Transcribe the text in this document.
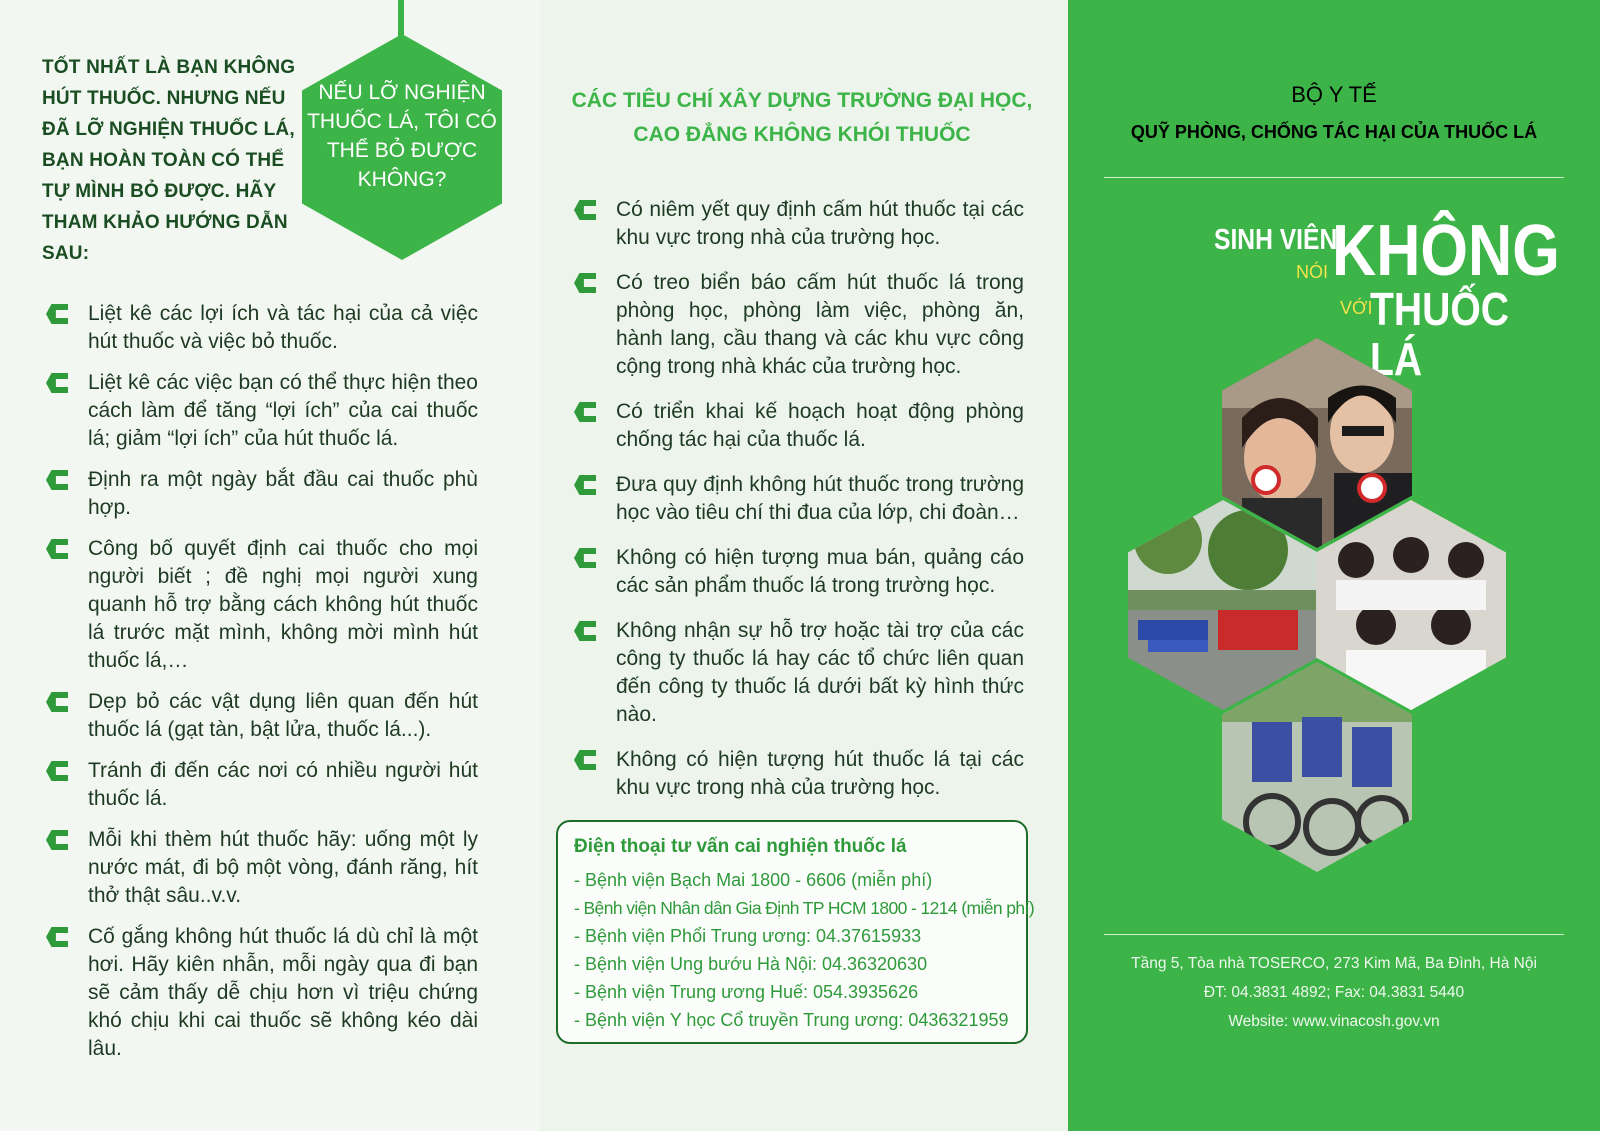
TỐT NHẤT LÀ BẠN KHÔNG HÚT THUỐC. NHƯNG NẾU ĐÃ LỠ NGHIỆN THUỐC LÁ, BẠN HOÀN TOÀN CÓ THỂ TỰ MÌNH BỎ ĐƯỢC. HÃY THAM KHẢO HƯỚNG DẪN SAU:
NẾU LỠ NGHIỆN THUỐC LÁ, TÔI CÓ THỂ BỎ ĐƯỢC KHÔNG?
Liệt kê các lợi ích và tác hại của cả việc hút thuốc và việc bỏ thuốc.
Liệt kê các việc bạn có thể thực hiện theo cách làm để tăng “lợi ích” của cai thuốc lá; giảm “lợi ích” của hút thuốc lá.
Định ra một ngày bắt đầu cai thuốc phù hợp.
Công bố quyết định cai thuốc cho mọi người biết ; đề nghị mọi người xung quanh hỗ trợ bằng cách không hút thuốc lá trước mặt mình, không mời mình hút thuốc lá,…
Dẹp bỏ các vật dụng liên quan đến hút thuốc lá (gạt tàn, bật lửa, thuốc lá...).
Tránh đi đến các nơi có nhiều người hút thuốc lá.
Mỗi khi thèm hút thuốc hãy: uống một ly nước mát, đi bộ một vòng, đánh răng, hít thở thật sâu..v.v.
Cố gắng không hút thuốc lá dù chỉ là một hơi. Hãy kiên nhẫn, mỗi ngày qua đi bạn sẽ cảm thấy dễ chịu hơn vì triệu chứng khó chịu khi cai thuốc sẽ không kéo dài lâu.
CÁC TIÊU CHÍ XÂY DỰNG TRƯỜNG ĐẠI HỌC, CAO ĐẲNG KHÔNG KHÓI THUỐC
Có niêm yết quy định cấm hút thuốc tại các khu vực trong nhà của trường học.
Có treo biển báo cấm hút thuốc lá trong phòng học, phòng làm việc, phòng ăn, hành lang, cầu thang và các khu vực công cộng trong nhà khác của trường học.
Có triển khai kế hoạch hoạt động phòng chống tác hại của thuốc lá.
Đưa quy định không hút thuốc trong trường học vào tiêu chí thi đua của lớp, chi đoàn…
Không có hiện tượng mua bán, quảng cáo các sản phẩm thuốc lá trong trường học.
Không nhận sự hỗ trợ hoặc tài trợ của các công ty thuốc lá hay các tổ chức liên quan đến công ty thuốc lá dưới bất kỳ hình thức nào.
Không có hiện tượng hút thuốc lá tại các khu vực trong nhà của trường học.
Điện thoại tư vấn cai nghiện thuốc lá
- Bệnh viện Bạch Mai 1800 - 6606 (miễn phí)
- Bệnh viện Nhân dân Gia Định TP HCM 1800 - 1214 (miễn phí)
- Bệnh viện Phổi Trung ương: 04.37615933
- Bệnh viện Ung bướu Hà Nội: 04.36320630
- Bệnh viện Trung ương Huế: 054.3935626
- Bệnh viện Y học Cổ truyền Trung ương: 0436321959
BỘ Y TẾ
QUỸ PHÒNG, CHỐNG TÁC HẠI CỦA THUỐC LÁ
SINH VIÊN
NÓI KHÔNG
VỚI
THUỐC LÁ
Tầng 5, Tòa nhà TOSERCO, 273 Kim Mã, Ba Đình, Hà Nội
ĐT: 04.3831 4892; Fax: 04.3831 5440
Website: www.vinacosh.gov.vn
